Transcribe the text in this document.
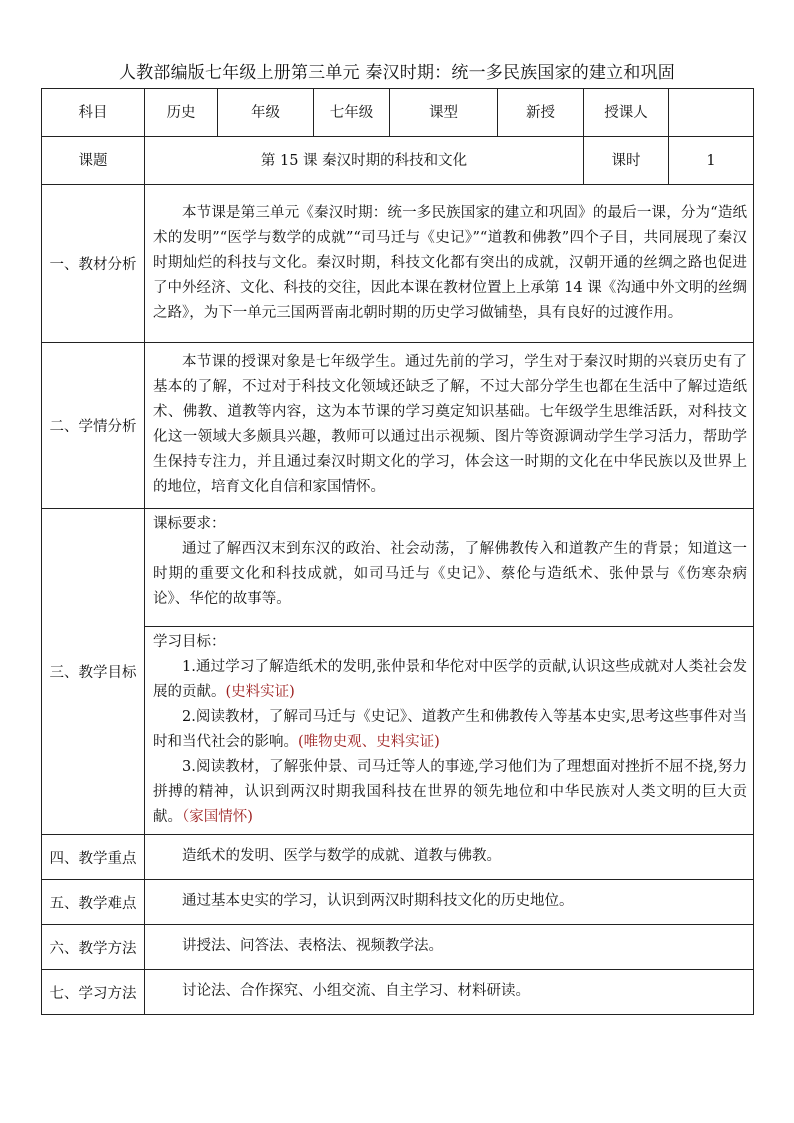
人教部编版七年级上册第三单元 秦汉时期：统一多民族国家的建立和巩固
科目	历史	年级	七年级	课型	新授	授课人	
课题	第 15 课 秦汉时期的科技和文化					课时	1
一、教材分析	本节课是第三单元《秦汉时期：统一多民族国家的建立和巩固》的最后一课，分为“造纸术的发明”“医学与数学的成就”“司马迁与《史记》”“道教和佛教”四个子目，共同展现了秦汉时期灿烂的科技与文化。秦汉时期，科技文化都有突出的成就，汉朝开通的丝绸之路也促进了中外经济、文化、科技的交往，因此本课在教材位置上上承第 14 课《沟通中外文明的丝绸之路》，为下一单元三国两晋南北朝时期的历史学习做铺垫，具有良好的过渡作用。						

二、学情分析	本节课的授课对象是七年级学生。通过先前的学习，学生对于秦汉时期的兴衰历史有了基本的了解，不过对于科技文化领域还缺乏了解，不过大部分学生也都在生活中了解过造纸术、佛教、道教等内容，这为本节课的学习奠定知识基础。七年级学生思维活跃，对科技文化这一领域大多颇具兴趣，教师可以通过出示视频、图片等资源调动学生学习活力，帮助学生保持专注力，并且通过秦汉时期文化的学习，体会这一时期的文化在中华民族以及世界上的地位，培育文化自信和家国情怀。						

三、教学目标	课标要求：

通过了解西汉末到东汉的政治、社会动荡，了解佛教传入和道教产生的背景；知道这一时期的重要文化和科技成就，如司马迁与《史记》、蔡伦与造纸术、张仲景与《伤寒杂病论》、华佗的故事等。						

	学习目标：

1.通过学习了解造纸术的发明,张仲景和华佗对中医学的贡献,认识这些成就对人类社会发展的贡献。(史料实证)

2.阅读教材，了解司马迁与《史记》、道教产生和佛教传入等基本史实,思考这些事件对当时和当代社会的影响。(唯物史观、史料实证)

3.阅读教材，了解张仲景、司马迁等人的事迹,学习他们为了理想面对挫折不屈不挠,努力拼搏的精神，认识到两汉时期我国科技在世界的领先地位和中华民族对人类文明的巨大贡献。（家国情怀)						

四、教学重点	造纸术的发明、医学与数学的成就、道教与佛教。						

五、教学难点	通过基本史实的学习，认识到两汉时期科技文化的历史地位。						

六、教学方法	讲授法、问答法、表格法、视频教学法。						

七、学习方法	讨论法、合作探究、小组交流、自主学习、材料研读。						
